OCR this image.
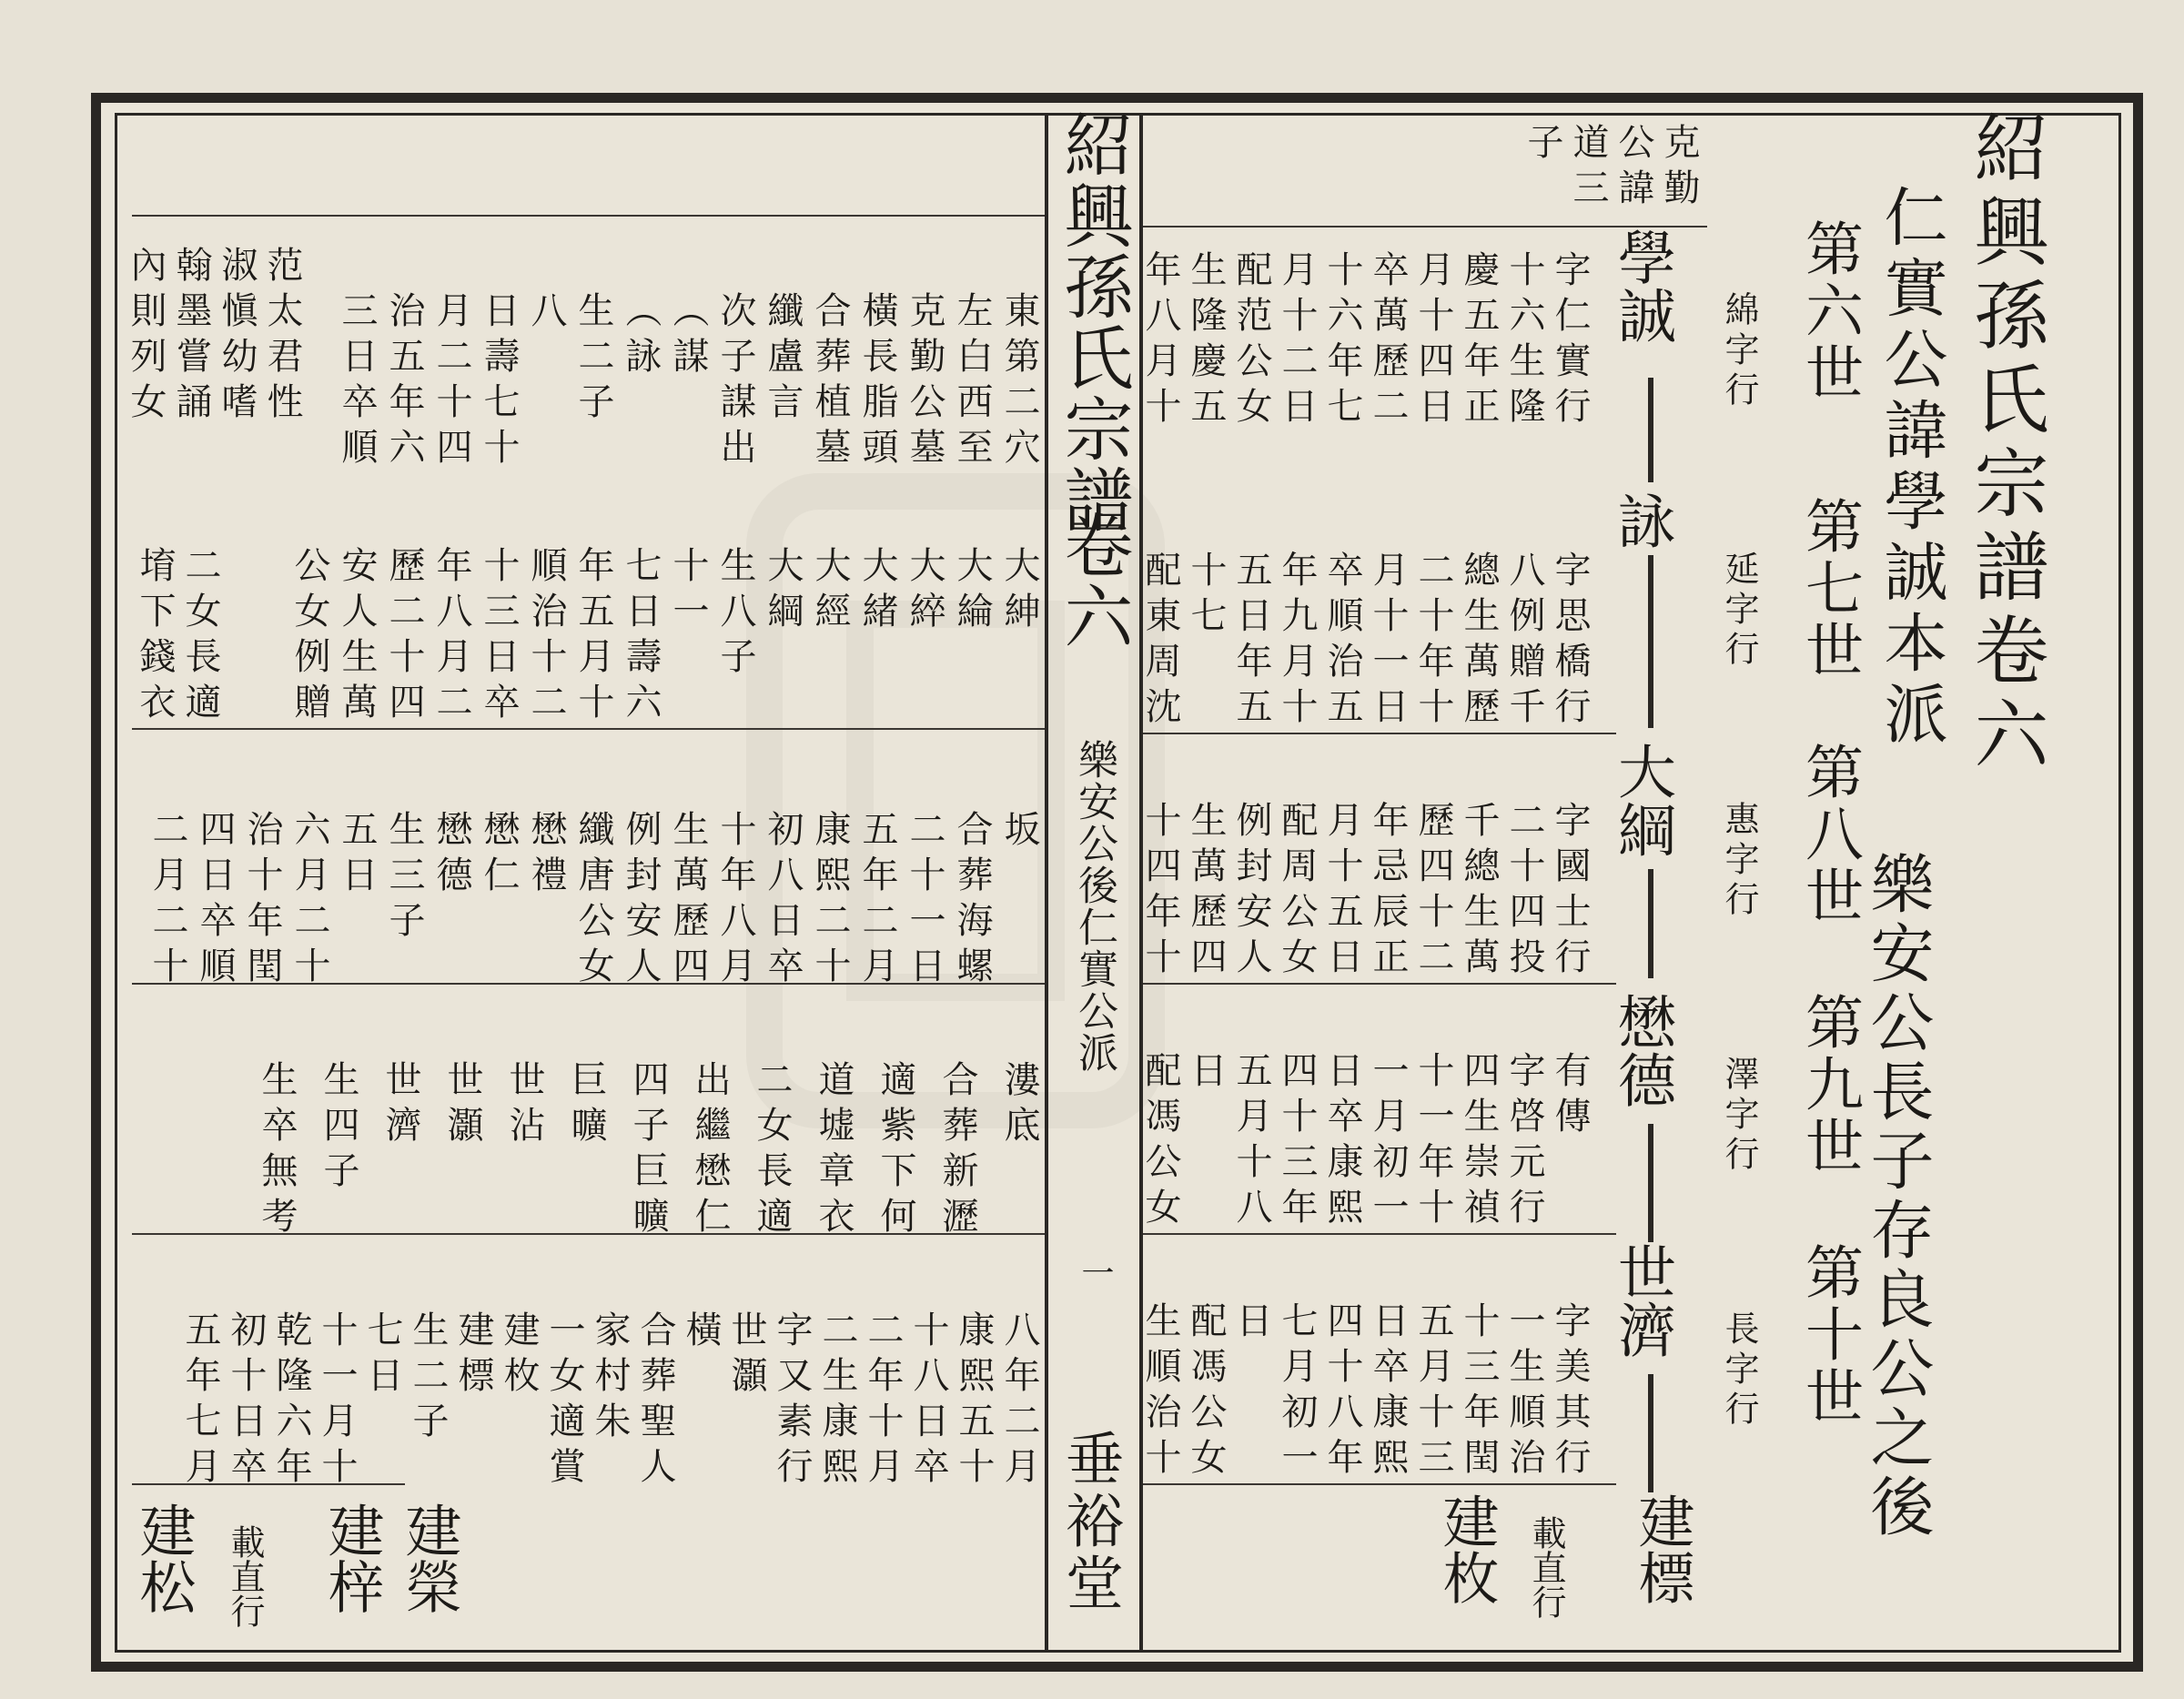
紹興孫氏宗譜卷六

仁實公諱學誠本派

樂安公長子存良公之後

第六世

第七世

第八世

第九世

第十世

綿字行

延字行

惠字行

澤字行

長字行

學誠

詠

大綱

懋德

世濟

建標

載直行

建枚

克勤

公諱

道三

子

字仁實行

十六生隆

慶五年正

月十四日

卒萬歷二

十六年七

月十二日

配范公女

生隆慶五

年八月十

字思橋行

八例贈千

總生萬歷

二十年十

月十一日

卒順治五

年九月十

五日年五

十七

配東周沈

字國士行

二十四投

千總生萬

歷四十二

年忌辰正

月十五日

配周公女

例封安人

生萬歷四

十四年十

有傳

字啓元行

四生崇禎

十一年十

一月初一

日卒康熙

四十三年

五月十八

日

配馮公女

字美其行

一生順治

十三年閏

五月十三

日卒康熙

四十八年

七月初一

日

配馮公女

生順治十

紹興孫氏宗譜

卷六

樂安公後仁實公派

一

垂裕堂

范太君性

淑愼幼嗜

翰墨嘗誦

內則列女

二女長適

堉下錢衣

東第二穴

左白西至

克勤公墓

橫長脂頭

合葬植墓

纖盧言

次子謀出

（謀

（詠

生二子

八

日壽七十

月二十四

治五年六

三日卒順

大紳

大綸

大綷

大緒

大經

大綱

生八子

十一

七日壽六

年五月十

順治十二

十三日卒

年八月二

歷二十四

安人生萬

公女例贈

坂

合葬海螺

二十一日

五年二月

康熙二十

初八日卒

十年八月

生萬歷四

例封安人

纖唐公女

懋禮

懋仁

懋德

生三子

五日

六月二十

治十年閏

四日卒順

二月二十

漊底

合葬新瀝

適紫下何

道墟章衣

二女長適

出繼懋仁

四子巨曠

巨曠

世沾

世灝

世濟

生四子

生卒無考

八年二月

康熙五十

十八日卒

二年十月

二生康熙

字又素行

世灝

橫

合葬聖人

家村朱

一女適賞

建枚

建標

生二子

七日

十一月十

乾隆六年

初十日卒

五年七月

建榮

建梓

載直行

建松
